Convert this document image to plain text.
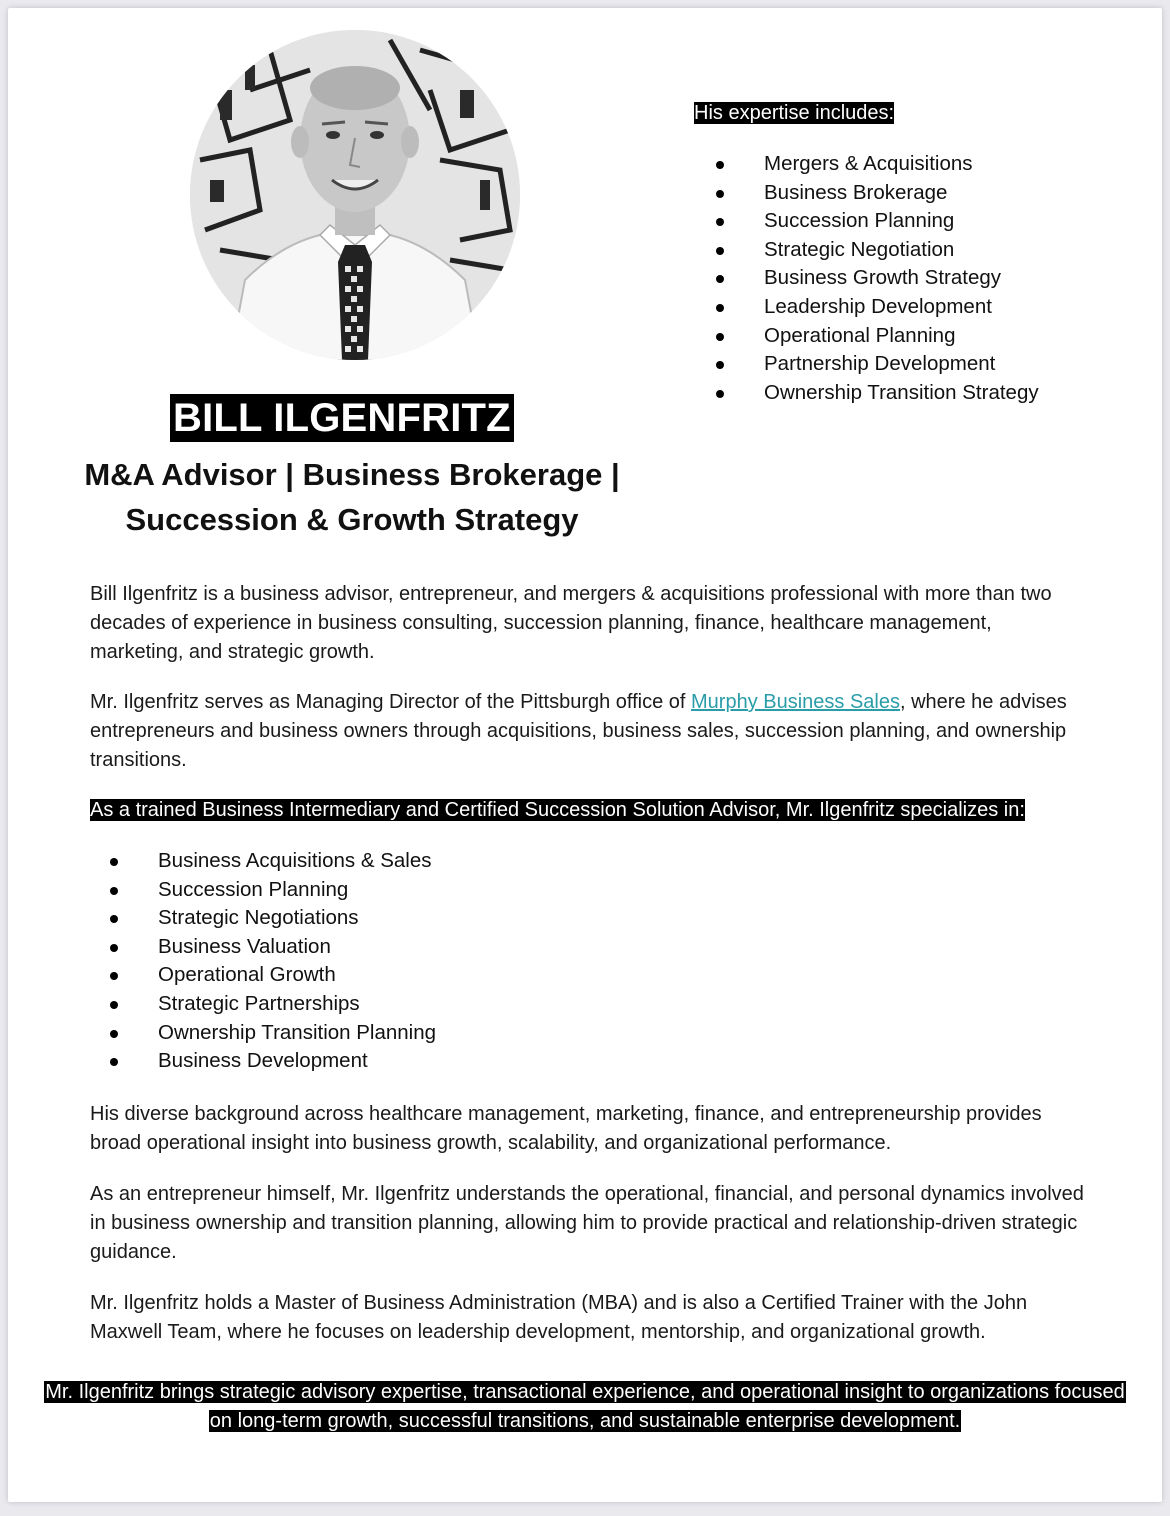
BILL ILGENFRITZ
M&A Advisor | Business Brokerage |
Succession & Growth Strategy
His expertise includes:
Mergers & Acquisitions
Business Brokerage
Succession Planning
Strategic Negotiation
Business Growth Strategy
Leadership Development
Operational Planning
Partnership Development
Ownership Transition Strategy

Bill Ilgenfritz is a business advisor, entrepreneur, and mergers & acquisitions professional with more than two decades of experience in business consulting, succession planning, finance, healthcare management, marketing, and strategic growth.

Mr. Ilgenfritz serves as Managing Director of the Pittsburgh office of Murphy Business Sales, where he advises entrepreneurs and business owners through acquisitions, business sales, succession planning, and ownership transitions.

As a trained Business Intermediary and Certified Succession Solution Advisor, Mr. Ilgenfritz specializes in:
Business Acquisitions & Sales
Succession Planning
Strategic Negotiations
Business Valuation
Operational Growth
Strategic Partnerships
Ownership Transition Planning
Business Development

His diverse background across healthcare management, marketing, finance, and entrepreneurship provides broad operational insight into business growth, scalability, and organizational performance.

As an entrepreneur himself, Mr. Ilgenfritz understands the operational, financial, and personal dynamics involved in business ownership and transition planning, allowing him to provide practical and relationship-driven strategic guidance.

Mr. Ilgenfritz holds a Master of Business Administration (MBA) and is also a Certified Trainer with the John Maxwell Team, where he focuses on leadership development, mentorship, and organizational growth.

Mr. Ilgenfritz brings strategic advisory expertise, transactional experience, and operational insight to organizations focused
on long-term growth, successful transitions, and sustainable enterprise development.
